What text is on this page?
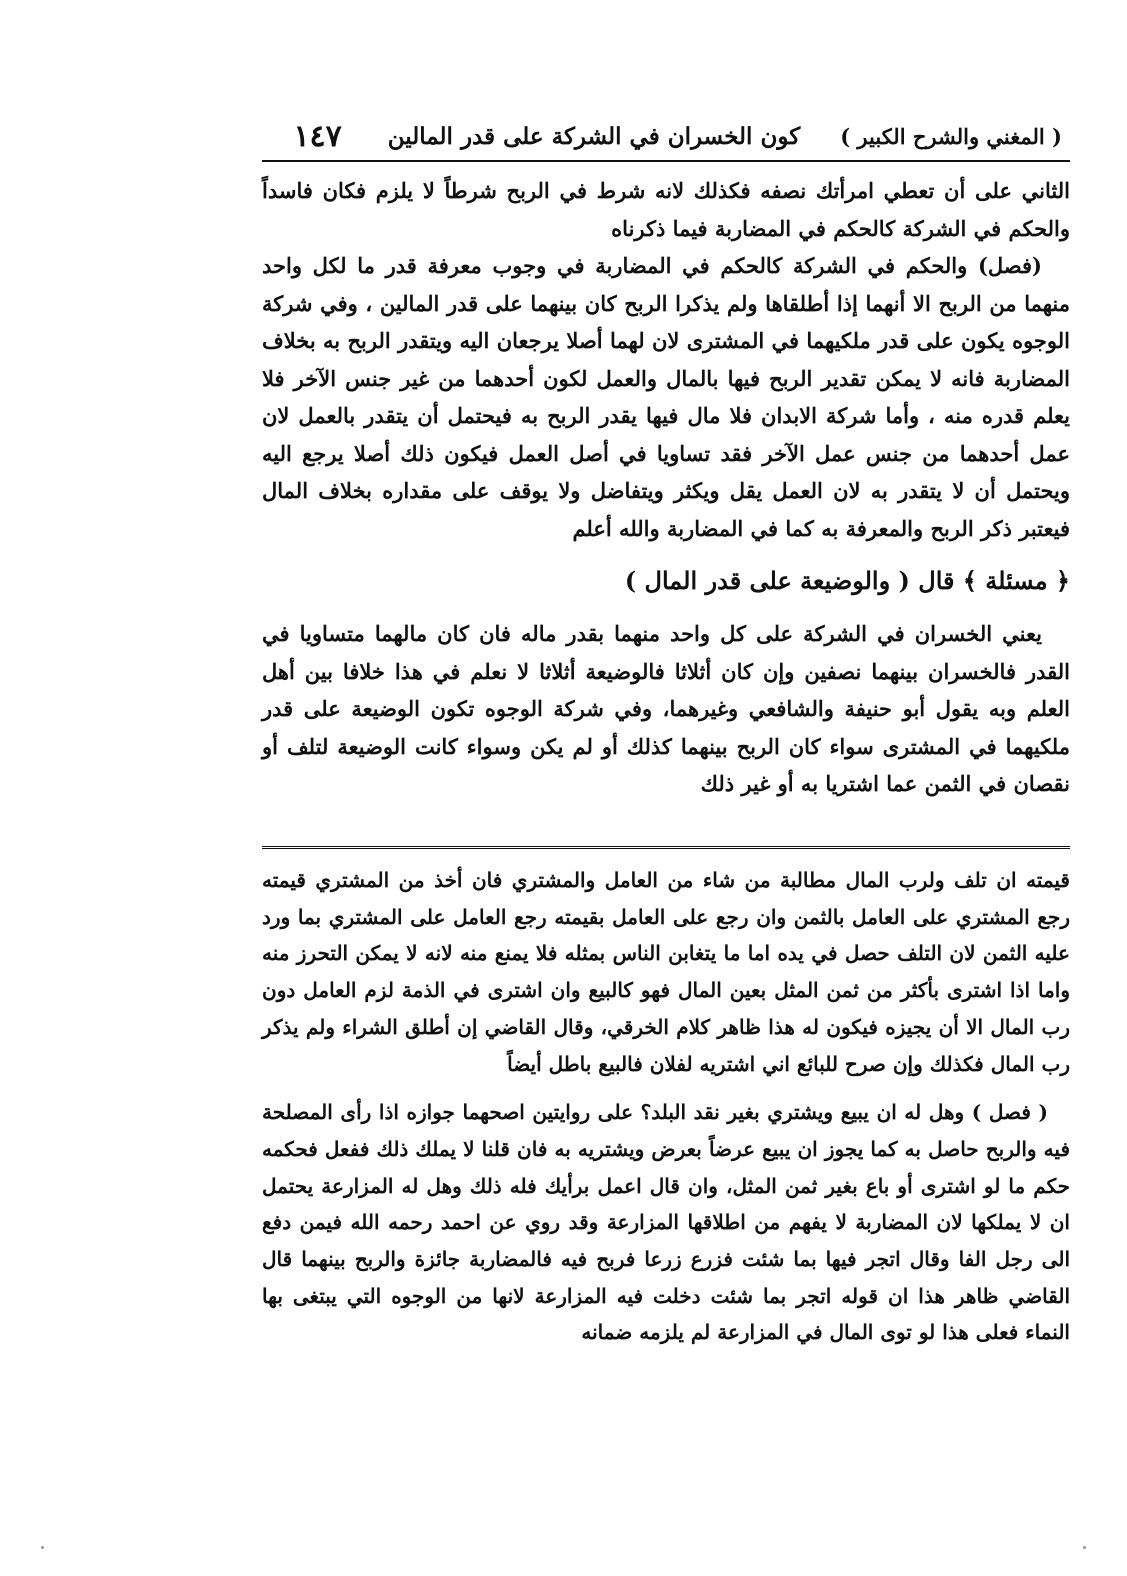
( المغني والشرح الكبير )
كون الخسران في الشركة على قدر المالين
١٤٧

الثاني على أن تعطي امرأتك نصفه فكذلك لانه شرط في الربح شرطاً لا يلزم فكان فاسداً والحكم في الشركة كالحكم في المضاربة فيما ذكرناه

(فصل) والحكم في الشركة كالحكم في المضاربة في وجوب معرفة قدر ما لكل واحد منهما من الربح الا أنهما إذا أطلقاها ولم يذكرا الربح كان بينهما على قدر المالين ، وفي شركة الوجوه يكون على قدر ملكيهما في المشترى لان لهما أصلا يرجعان اليه ويتقدر الربح به بخلاف المضاربة فانه لا يمكن تقدير الربح فيها بالمال والعمل لكون أحدهما من غير جنس الآخر فلا يعلم قدره منه ، وأما شركة الابدان فلا مال فيها يقدر الربح به فيحتمل أن يتقدر بالعمل لان عمل أحدهما من جنس عمل الآخر فقد تساويا في أصل العمل فيكون ذلك أصلا يرجع اليه ويحتمل أن لا يتقدر به لان العمل يقل ويكثر ويتفاضل ولا يوقف على مقداره بخلاف المال فيعتبر ذكر الربح والمعرفة به كما في المضاربة والله أعلم

﴿ مسئلة ﴾ قال ( والوضيعة على قدر المال )

يعني الخسران في الشركة على كل واحد منهما بقدر ماله فان كان مالهما متساويا في القدر فالخسران بينهما نصفين وإن كان أثلاثا فالوضيعة أثلاثا لا نعلم في هذا خلافا بين أهل العلم وبه يقول أبو حنيفة والشافعي وغيرهما، وفي شركة الوجوه تكون الوضيعة على قدر ملكيهما في المشترى سواء كان الربح بينهما كذلك أو لم يكن وسواء كانت الوضيعة لتلف أو نقصان في الثمن عما اشتريا به أو غير ذلك

قيمته ان تلف ولرب المال مطالبة من شاء من العامل والمشتري فان أخذ من المشتري قيمته رجع المشتري على العامل بالثمن وان رجع على العامل بقيمته رجع العامل على المشتري بما ورد عليه الثمن لان التلف حصل في يده اما ما يتغابن الناس بمثله فلا يمنع منه لانه لا يمكن التحرز منه واما اذا اشترى بأكثر من ثمن المثل بعين المال فهو كالبيع وان اشترى في الذمة لزم العامل دون رب المال الا أن يجيزه فيكون له هذا ظاهر كلام الخرقي، وقال القاضي إن أطلق الشراء ولم يذكر رب المال فكذلك وإن صرح للبائع اني اشتريه لفلان فالبيع باطل أيضاً

( فصل ) وهل له ان يبيع ويشتري بغير نقد البلد؟ على روايتين اصحهما جوازه اذا رأى المصلحة فيه والربح حاصل به كما يجوز ان يبيع عرضاً بعرض ويشتريه به فان قلنا لا يملك ذلك ففعل فحكمه حكم ما لو اشترى أو باع بغير ثمن المثل، وان قال اعمل برأيك فله ذلك وهل له المزارعة يحتمل ان لا يملكها لان المضاربة لا يفهم من اطلاقها المزارعة وقد روي عن احمد رحمه الله فيمن دفع الى رجل الفا وقال اتجر فيها بما شئت فزرع زرعا فربح فيه فالمضاربة جائزة والربح بينهما قال القاضي ظاهر هذا ان قوله اتجر بما شئت دخلت فيه المزارعة لانها من الوجوه التي يبتغى بها النماء فعلى هذا لو توى المال في المزارعة لم يلزمه ضمانه
